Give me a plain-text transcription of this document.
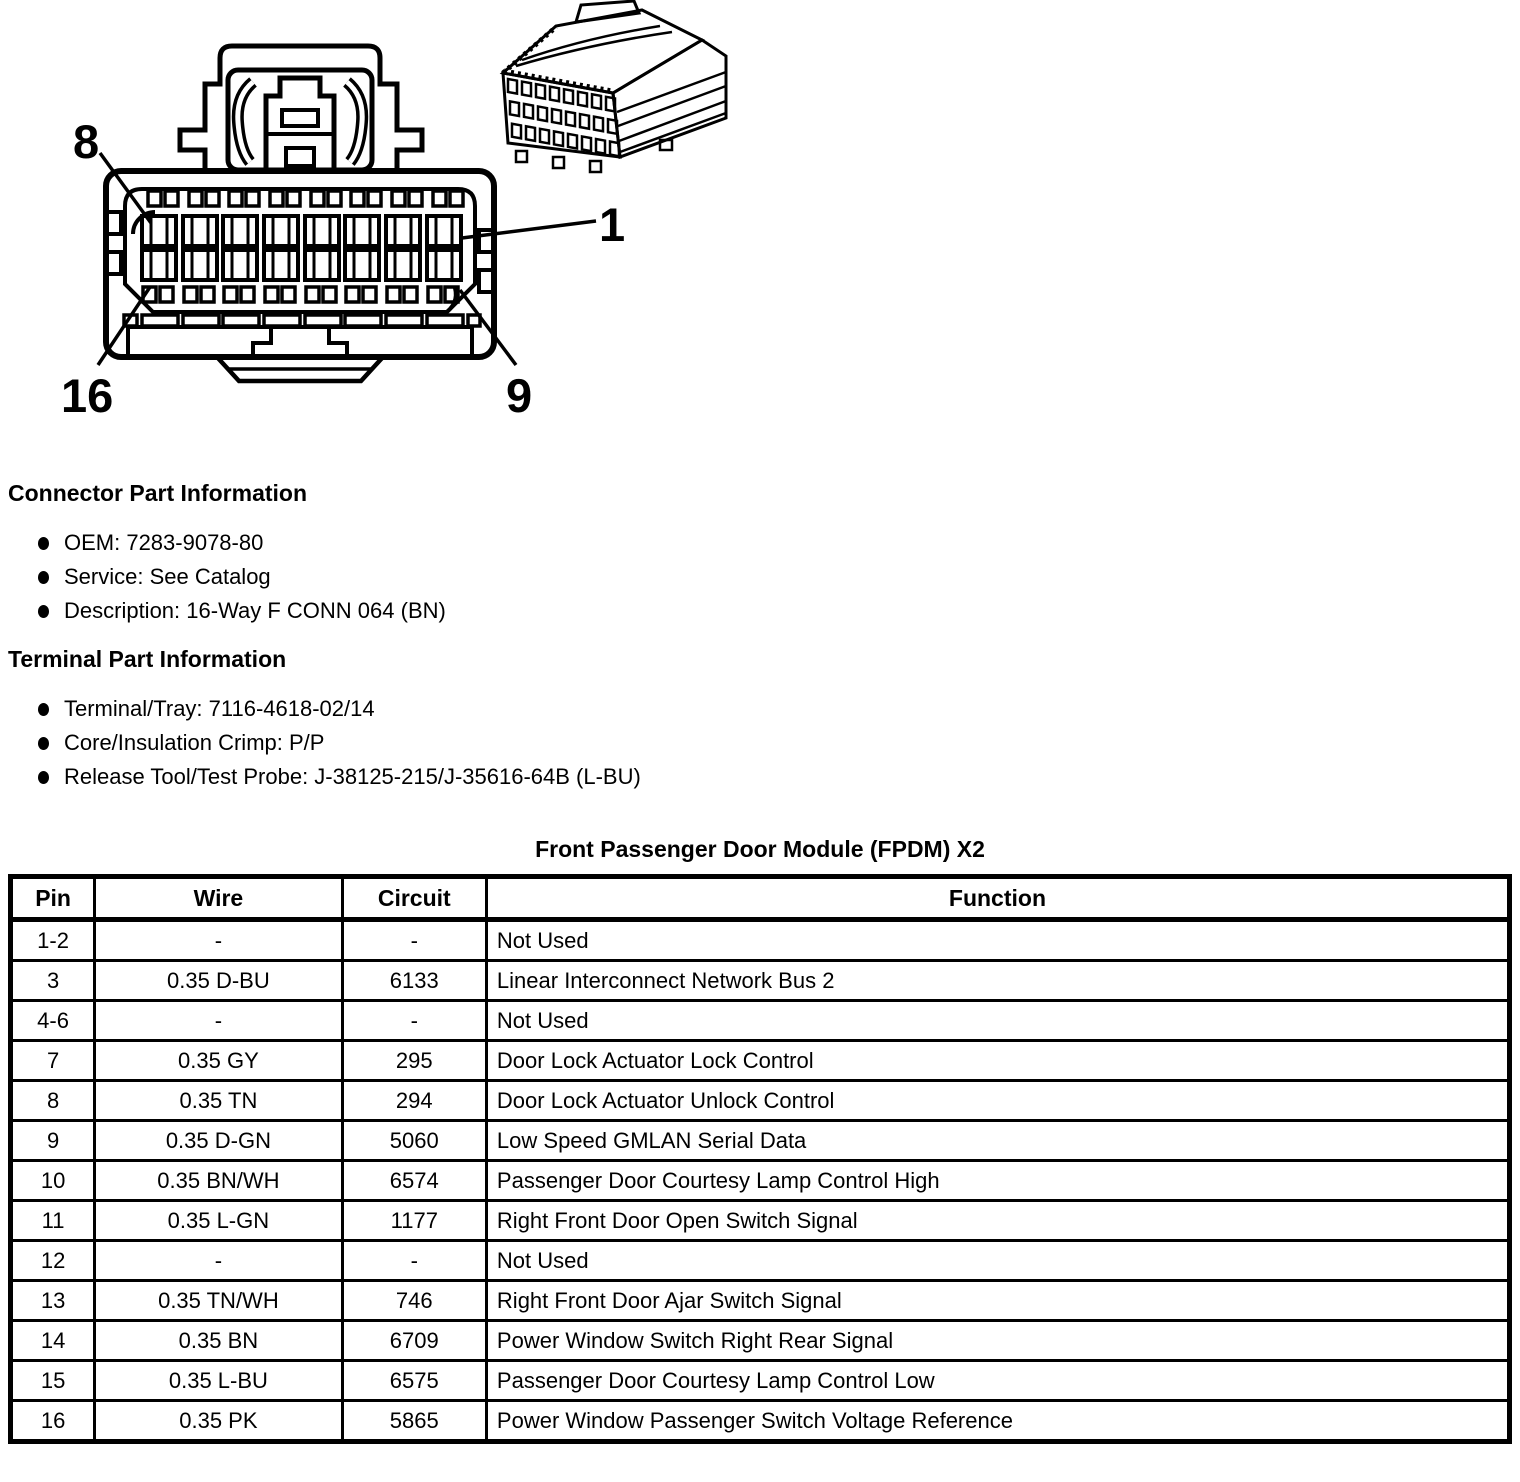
8
1
16	9
Connector Part Information
OEM: 7283-9078-80
Service: See Catalog
Description: 16-Way F CONN 064 (BN)
Terminal Part Information
Terminal/Tray: 7116-4618-02/14
Core/Insulation Crimp: P/P
Release Tool/Test Probe: J-38125-215/J-35616-64B (L-BU)
Front Passenger Door Module (FPDM) X2
Pin	Wire	Circuit	Function
1-2	-	-	Not Used
3	0.35 D-BU	6133	Linear Interconnect Network Bus 2
4-6	-	-	Not Used
7	0.35 GY	295	Door Lock Actuator Lock Control
8	0.35 TN	294	Door Lock Actuator Unlock Control
9	0.35 D-GN	5060	Low Speed GMLAN Serial Data
10	0.35 BN/WH	6574	Passenger Door Courtesy Lamp Control High
11	0.35 L-GN	1177	Right Front Door Open Switch Signal
12	-	-	Not Used
13	0.35 TN/WH	746	Right Front Door Ajar Switch Signal
14	0.35 BN	6709	Power Window Switch Right Rear Signal
15	0.35 L-BU	6575	Passenger Door Courtesy Lamp Control Low
16	0.35 PK	5865	Power Window Passenger Switch Voltage Reference
